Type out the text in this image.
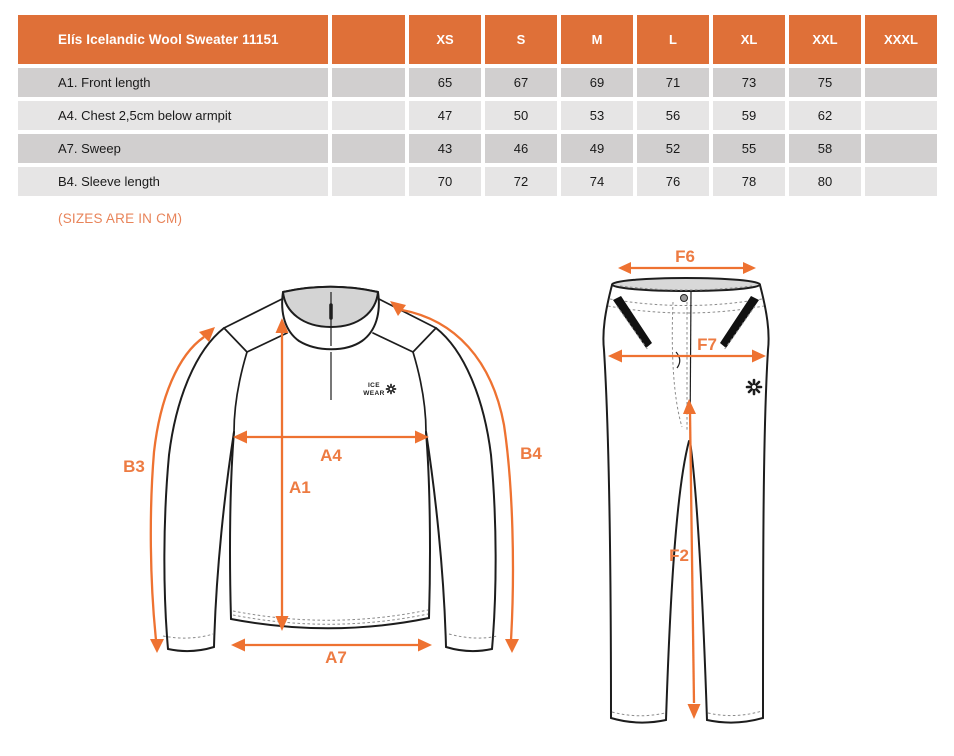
Elís Icelandic Wool Sweater 11151	XS	S	M	L	XL	XXL	XXXL
A1. Front length	65	67	69	71	73	75
A4. Chest 2,5cm below armpit	47	50	53	56	59	62
A7. Sweep	43	46	49	52	55	58
B4. Sleeve length	70	72	74	76	78	80
(SIZES ARE IN CM)
ICE
WEAR
B3
A4
A1
B4
A7
F6
F7
F2
